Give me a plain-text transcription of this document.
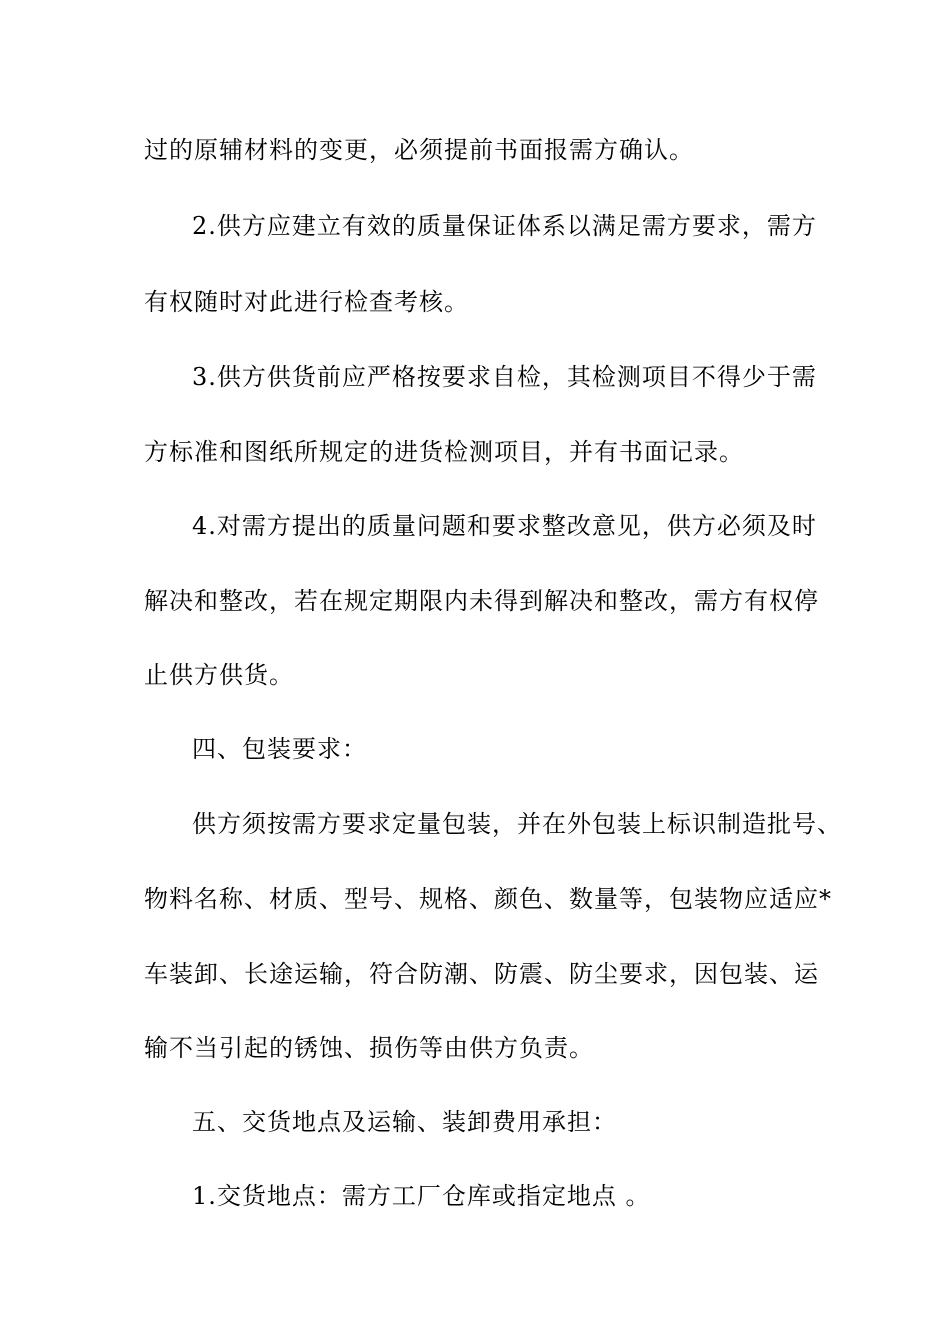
过的原辅材料的变更，必须提前书面报需方确认。
2.供方应建立有效的质量保证体系以满足需方要求，需方
有权随时对此进行检查考核。
3.供方供货前应严格按要求自检，其检测项目不得少于需
方标准和图纸所规定的进货检测项目，并有书面记录。
4.对需方提出的质量问题和要求整改意见，供方必须及时
解决和整改，若在规定期限内未得到解决和整改，需方有权停
止供方供货。
四、包装要求：
供方须按需方要求定量包装，并在外包装上标识制造批号、
物料名称、材质、型号、规格、颜色、数量等，包装物应适应*
车装卸、长途运输，符合防潮、防震、防尘要求，因包装、运
输不当引起的锈蚀、损伤等由供方负责。
五、交货地点及运输、装卸费用承担：
1.交货地点：需方工厂仓库或指定地点 。
